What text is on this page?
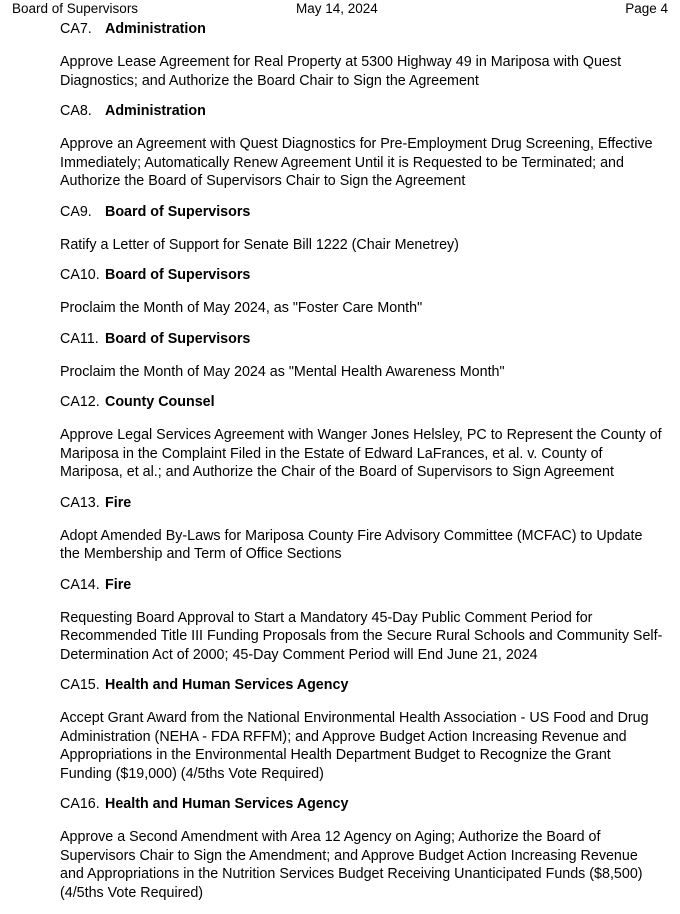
Board of Supervisors	May 14, 2024	Page 4
CA7. Administration

Approve Lease Agreement for Real Property at 5300 Highway 49 in Mariposa with Quest Diagnostics; and Authorize the Board Chair to Sign the Agreement

CA8. Administration

Approve an Agreement with Quest Diagnostics for Pre-Employment Drug Screening, Effective Immediately; Automatically Renew Agreement Until it is Requested to be Terminated; and Authorize the Board of Supervisors Chair to Sign the Agreement

CA9. Board of Supervisors

Ratify a Letter of Support for Senate Bill 1222 (Chair Menetrey)

CA10. Board of Supervisors

Proclaim the Month of May 2024, as "Foster Care Month"

CA11. Board of Supervisors

Proclaim the Month of May 2024 as "Mental Health Awareness Month"

CA12. County Counsel

Approve Legal Services Agreement with Wanger Jones Helsley, PC to Represent the County of Mariposa in the Complaint Filed in the Estate of Edward LaFrances, et al. v. County of Mariposa, et al.; and Authorize the Chair of the Board of Supervisors to Sign Agreement

CA13. Fire

Adopt Amended By-Laws for Mariposa County Fire Advisory Committee (MCFAC) to Update the Membership and Term of Office Sections

CA14. Fire

Requesting Board Approval to Start a Mandatory 45-Day Public Comment Period for Recommended Title III Funding Proposals from the Secure Rural Schools and Community Self-Determination Act of 2000; 45-Day Comment Period will End June 21, 2024

CA15. Health and Human Services Agency

Accept Grant Award from the National Environmental Health Association - US Food and Drug Administration (NEHA - FDA RFFM); and Approve Budget Action Increasing Revenue and Appropriations in the Environmental Health Department Budget to Recognize the Grant Funding ($19,000) (4/5ths Vote Required)

CA16. Health and Human Services Agency

Approve a Second Amendment with Area 12 Agency on Aging; Authorize the Board of Supervisors Chair to Sign the Amendment; and Approve Budget Action Increasing Revenue and Appropriations in the Nutrition Services Budget Receiving Unanticipated Funds ($8,500) (4/5ths Vote Required)
